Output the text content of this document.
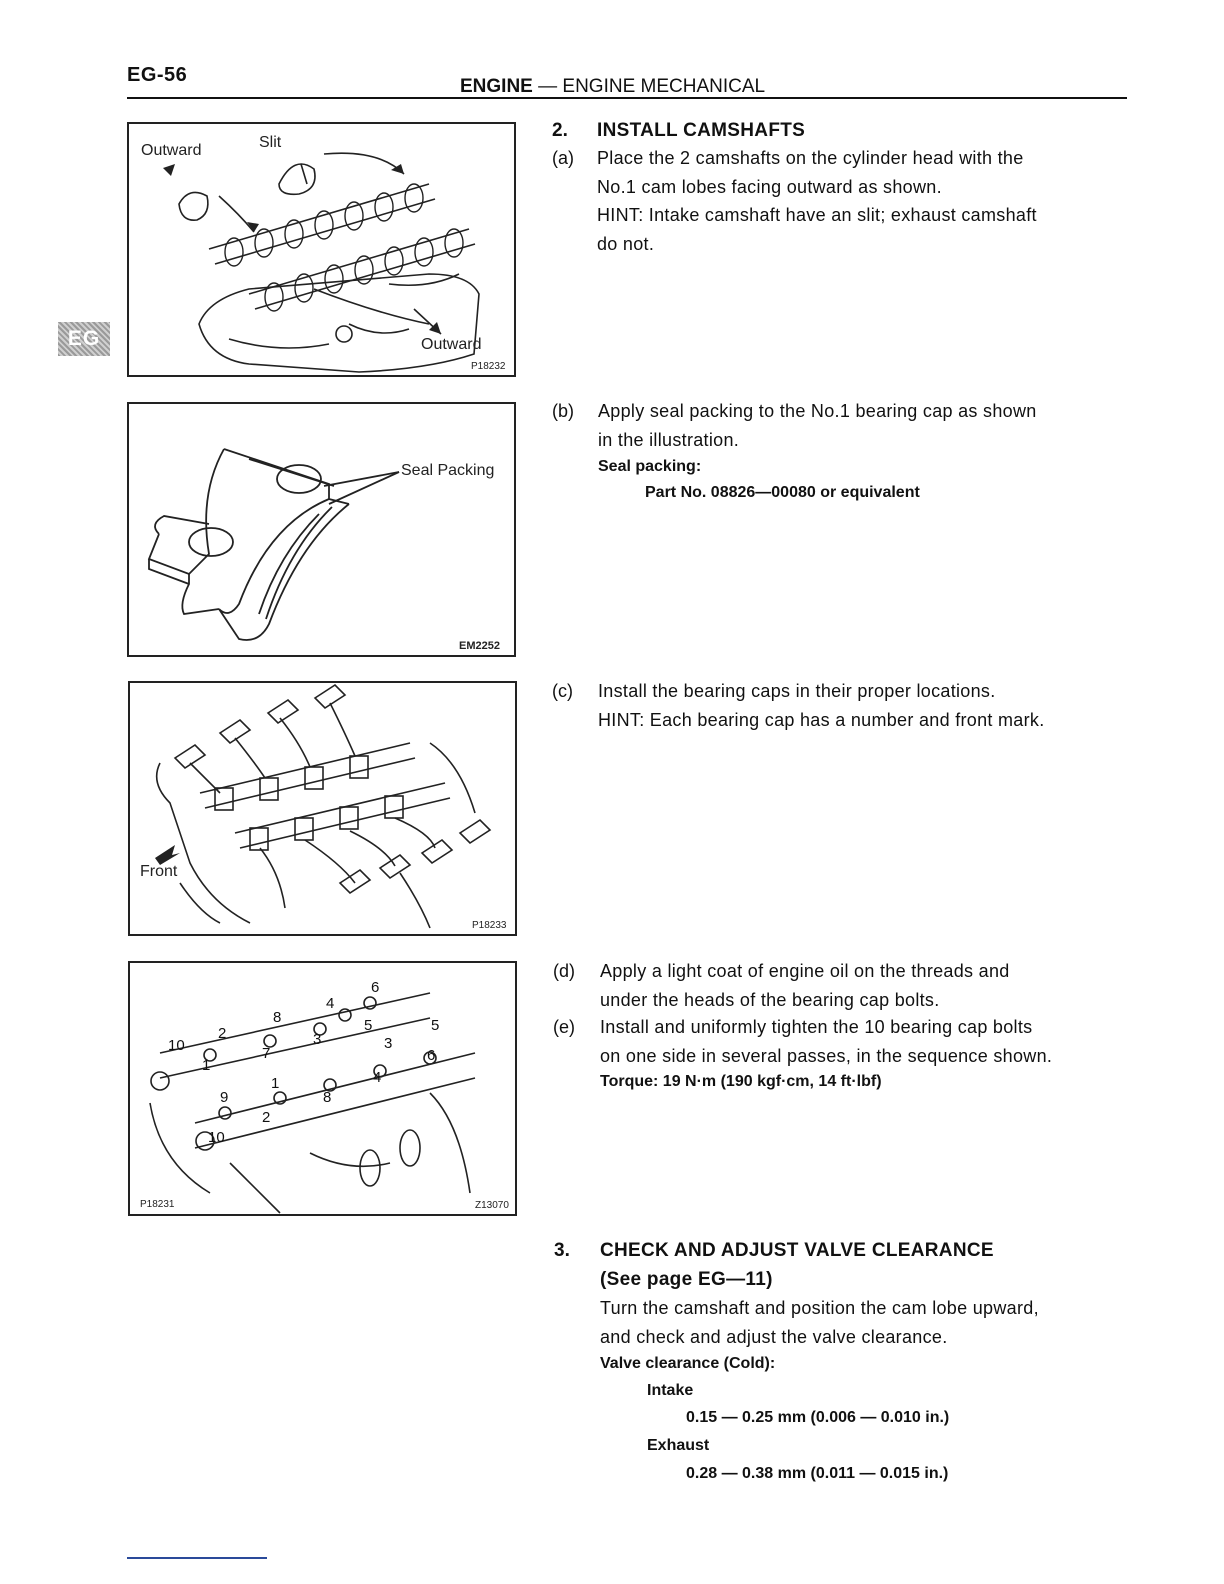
EG-56
ENGINE — ENGINE MECHANICAL
EG
Outward	Slit
Outward
P18232
Seal Packing
EM2252
Front
P18233
10
2
8
4
6
1
7
3
5	5
9
1
3
6
2
8
4
10
P18231	Z13070
2. INSTALL CAMSHAFTS
(a) Place the 2 camshafts on the cylinder head with the
No.1 cam lobes facing outward as shown.
HINT: Intake camshaft have an slit; exhaust camshaft
do not.
(b) Apply seal packing to the No.1 bearing cap as shown
in the illustration.
Seal packing:
Part No. 08826—00080 or equivalent
(c) Install the bearing caps in their proper locations.
HINT: Each bearing cap has a number and front mark.
(d) Apply a light coat of engine oil on the threads and
under the heads of the bearing cap bolts.
(e) Install and uniformly tighten the 10 bearing cap bolts
on one side in several passes, in the sequence shown.
Torque: 19 N·m (190 kgf·cm, 14 ft·lbf)
3. CHECK AND ADJUST VALVE CLEARANCE
(See page EG—11)
Turn the camshaft and position the cam lobe upward,
and check and adjust the valve clearance.
Valve clearance (Cold):
Intake
0.15 — 0.25 mm (0.006 — 0.010 in.)
Exhaust
0.28 — 0.38 mm (0.011 — 0.015 in.)
